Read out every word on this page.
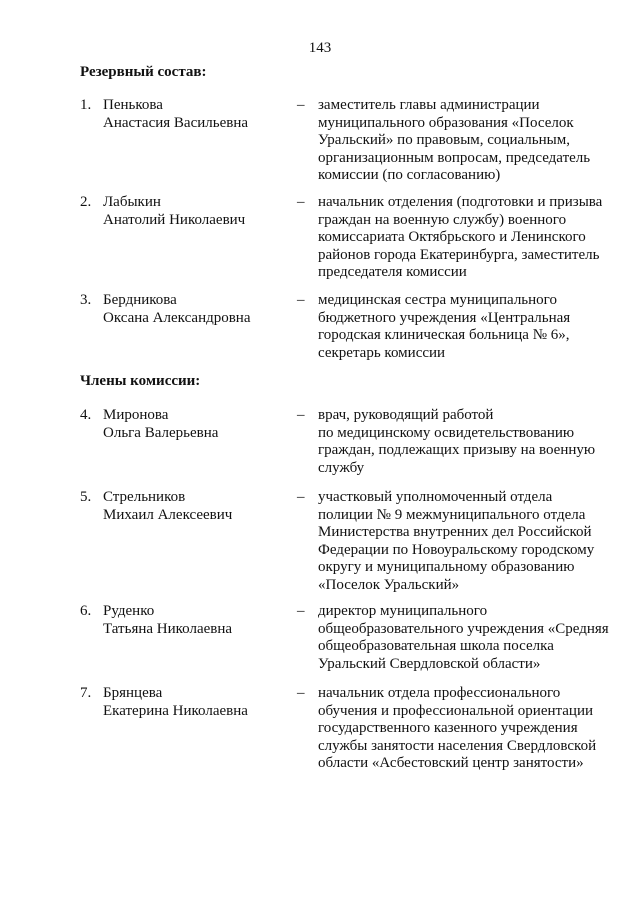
143
Резервный состав:
1. Пенькова
Анастасия Васильевна
– заместитель главы администрации
муниципального образования «Поселок
Уральский» по правовым, социальным,
организационным вопросам, председатель
комиссии (по согласованию)
2. Лабыкин
Анатолий Николаевич
– начальник отделения (подготовки и призыва
граждан на военную службу) военного
комиссариата Октябрьского и Ленинского
районов города Екатеринбурга, заместитель
председателя комиссии
3. Бердникова
Оксана Александровна
– медицинская сестра муниципального
бюджетного учреждения «Центральная
городская клиническая больница № 6»,
секретарь комиссии
Члены комиссии:
4. Миронова
Ольга Валерьевна
– врач, руководящий работой
по медицинскому освидетельствованию
граждан, подлежащих призыву на военную
службу
5. Стрельников
Михаил Алексеевич
– участковый уполномоченный отдела
полиции № 9 межмуниципального отдела
Министерства внутренних дел Российской
Федерации по Новоуральскому городскому
округу и муниципальному образованию
«Поселок Уральский»
6. Руденко
Татьяна Николаевна
– директор муниципального
общеобразовательного учреждения «Средняя
общеобразовательная школа поселка
Уральский Свердловской области»
7. Брянцева
Екатерина Николаевна
– начальник отдела профессионального
обучения и профессиональной ориентации
государственного казенного учреждения
службы занятости населения Свердловской
области «Асбестовский центр занятости»
